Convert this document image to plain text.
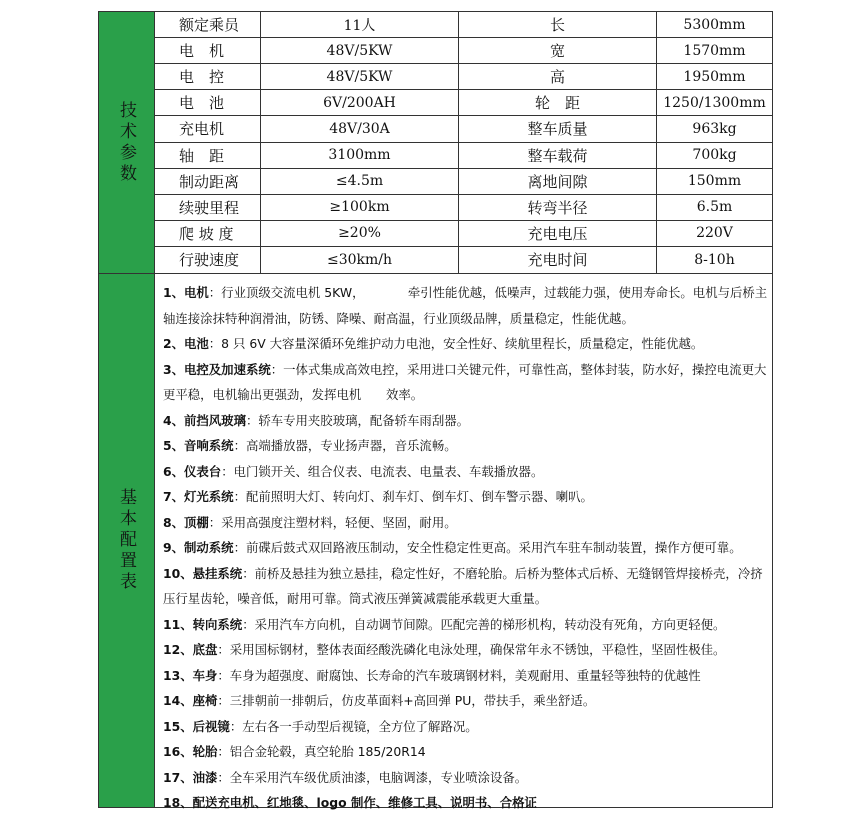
技术参数
基本配置表
额定乘员	11人	长	5300mm
电　机	48V/5KW	宽	1570mm
电　控	48V/5KW	高	1950mm
电　池	6V/200AH	轮　距	1250/1300mm
充电机	48V/30A	整车质量	963kg
轴　距	3100mm	整车载荷	700kg
制动距离	≤4.5m	离地间隙	150mm
续驶里程	≥100km	转弯半径	6.5m
爬 坡 度	≥20%	充电电压	220V
行驶速度	≤30km/h	充电时间	8-10h
1、电机：行业顶级交流电机 5KW，　　　　牵引性能优越，低噪声，过载能力强，使用寿命长。电机与后桥主轴连接涂抹特种润滑油，防锈、降噪、耐高温，行业顶级品牌，质量稳定，性能优越。
2、电池：8 只 6V 大容量深循环免维护动力电池，安全性好、续航里程长，质量稳定，性能优越。
3、电控及加速系统：一体式集成高效电控，采用进口关键元件，可靠性高，整体封装，防水好，操控电流更大更平稳，电机输出更强劲，发挥电机　　效率。
4、前挡风玻璃：轿车专用夹胶玻璃，配备轿车雨刮器。
5、音响系统：高端播放器，专业扬声器，音乐流畅。
6、仪表台：电门锁开关、组合仪表、电流表、电量表、车载播放器。
7、灯光系统：配前照明大灯、转向灯、刹车灯、倒车灯、倒车警示器、喇叭。
8、顶棚：采用高强度注塑材料，轻便、坚固，耐用。
9、制动系统：前碟后鼓式双回路液压制动，安全性稳定性更高。采用汽车驻车制动装置，操作方便可靠。
10、悬挂系统：前桥及悬挂为独立悬挂，稳定性好，不磨轮胎。后桥为整体式后桥、无缝钢管焊接桥壳，冷挤压行星齿轮，噪音低，耐用可靠。筒式液压弹簧减震能承载更大重量。
11、转向系统：采用汽车方向机，自动调节间隙。匹配完善的梯形机构，转动没有死角，方向更轻便。
12、底盘：采用国标钢材，整体表面经酸洗磷化电泳处理，确保常年永不锈蚀，平稳性，坚固性极佳。
13、车身：车身为超强度、耐腐蚀、长寿命的汽车玻璃钢材料，美观耐用、重量轻等独特的优越性
14、座椅：三排朝前一排朝后，仿皮革面料+高回弹 PU，带扶手，乘坐舒适。
15、后视镜：左右各一手动型后视镜，全方位了解路况。
16、轮胎：铝合金轮毂，真空轮胎 185/20R14
17、油漆：全车采用汽车级优质油漆，电脑调漆，专业喷涂设备。
18、配送充电机、红地毯、logo 制作、维修工具、说明书、合格证
